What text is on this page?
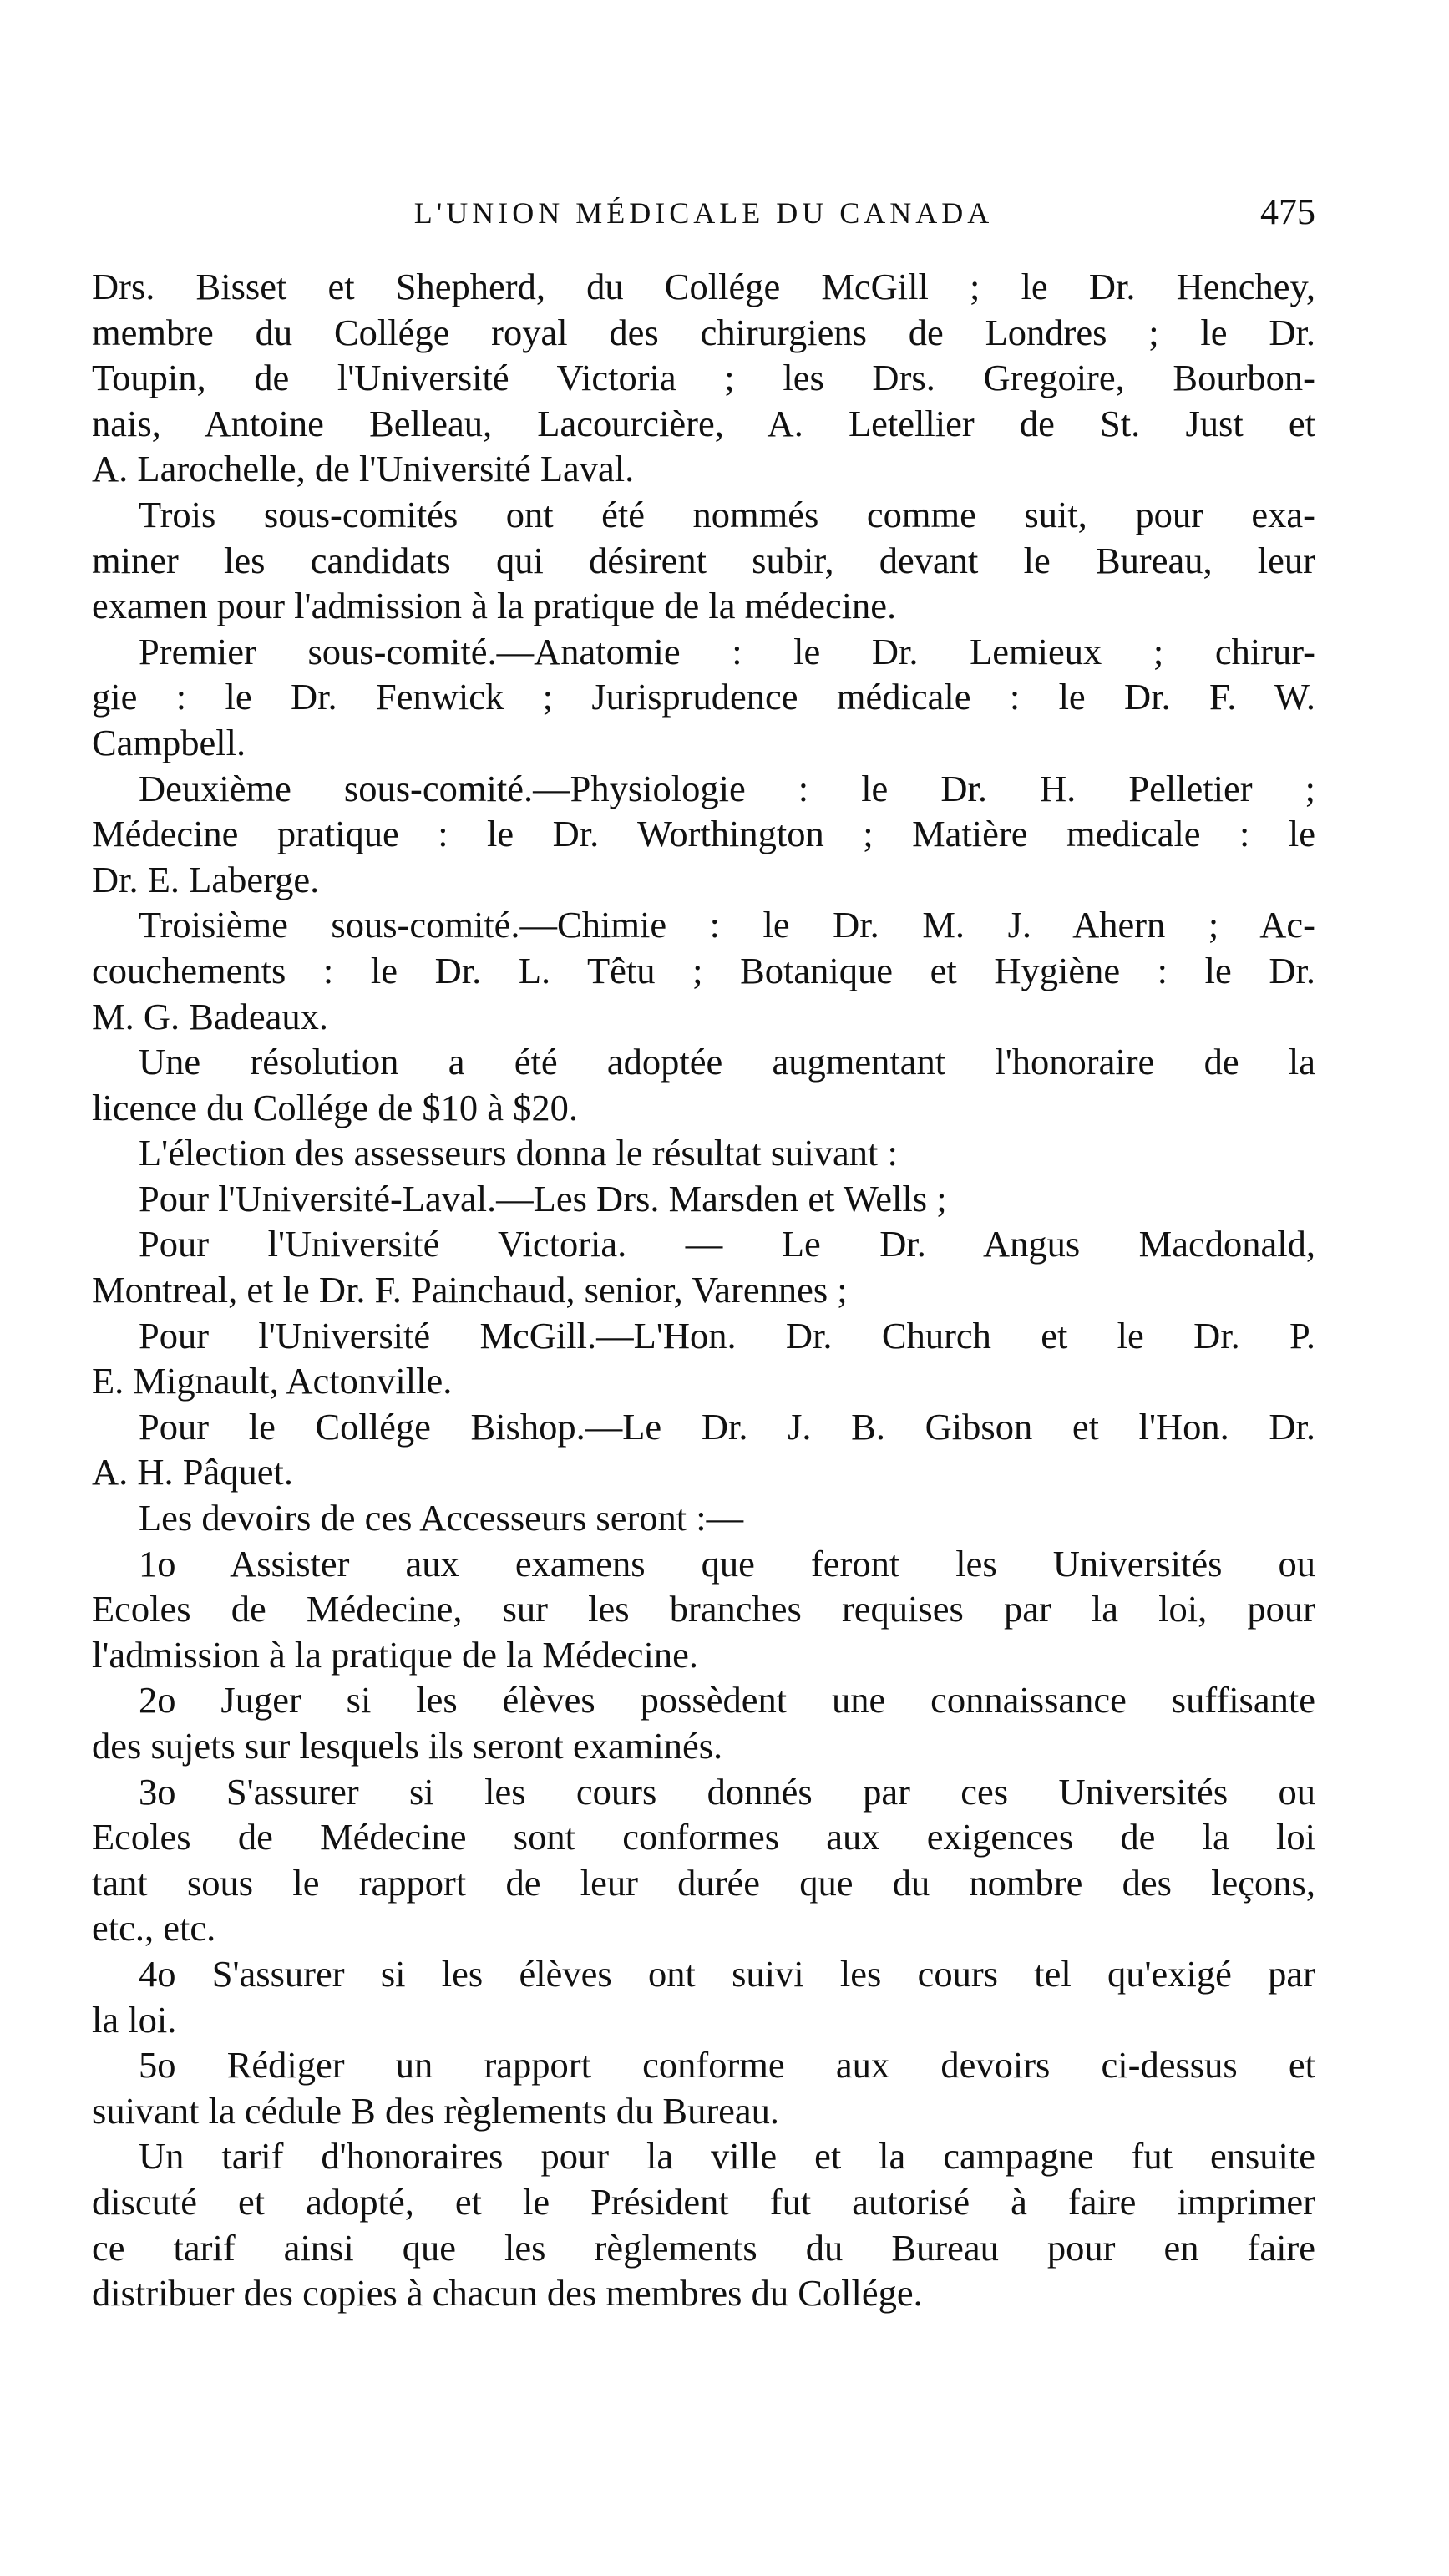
L'UNION MÉDICALE DU CANADA	475
Drs. Bisset et Shepherd, du Collége McGill ; le Dr. Henchey,
membre du Collége royal des chirurgiens de Londres ; le Dr.
Toupin, de l'Université Victoria ; les Drs. Gregoire, Bourbon-
nais, Antoine Belleau, Lacourcière, A. Letellier de St. Just et
A. Larochelle, de l'Université Laval.
Trois sous-comités ont été nommés comme suit, pour exa-
miner les candidats qui désirent subir, devant le Bureau, leur
examen pour l'admission à la pratique de la médecine.
Premier sous-comité.—Anatomie : le Dr. Lemieux ; chirur-
gie : le Dr. Fenwick ; Jurisprudence médicale : le Dr. F. W.
Campbell.
Deuxième sous-comité.—Physiologie : le Dr. H. Pelletier ;
Médecine pratique : le Dr. Worthington ; Matière medicale : le
Dr. E. Laberge.
Troisième sous-comité.—Chimie : le Dr. M. J. Ahern ; Ac-
couchements : le Dr. L. Têtu ; Botanique et Hygiène : le Dr.
M. G. Badeaux.
Une résolution a été adoptée augmentant l'honoraire de la
licence du Collége de $10 à $20.
L'élection des assesseurs donna le résultat suivant :
Pour l'Université-Laval.—Les Drs. Marsden et Wells ;
Pour l'Université Victoria. — Le Dr. Angus Macdonald,
Montreal, et le Dr. F. Painchaud, senior, Varennes ;
Pour l'Université McGill.—L'Hon. Dr. Church et le Dr. P.
E. Mignault, Actonville.
Pour le Collége Bishop.—Le Dr. J. B. Gibson et l'Hon. Dr.
A. H. Pâquet.
Les devoirs de ces Accesseurs seront :—
1o Assister aux examens que feront les Universités ou
Ecoles de Médecine, sur les branches requises par la loi, pour
l'admission à la pratique de la Médecine.
2o Juger si les élèves possèdent une connaissance suffisante
des sujets sur lesquels ils seront examinés.
3o S'assurer si les cours donnés par ces Universités ou
Ecoles de Médecine sont conformes aux exigences de la loi
tant sous le rapport de leur durée que du nombre des leçons,
etc., etc.
4o S'assurer si les élèves ont suivi les cours tel qu'exigé par
la loi.
5o Rédiger un rapport conforme aux devoirs ci-dessus et
suivant la cédule B des règlements du Bureau.
Un tarif d'honoraires pour la ville et la campagne fut ensuite
discuté et adopté, et le Président fut autorisé à faire imprimer
ce tarif ainsi que les règlements du Bureau pour en faire
distribuer des copies à chacun des membres du Collége.
